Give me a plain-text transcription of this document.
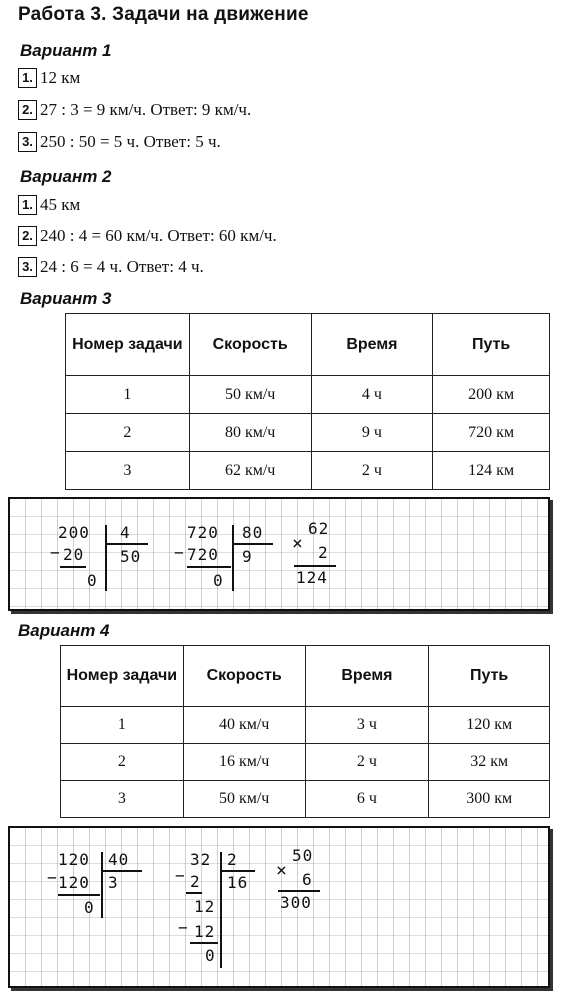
Работа 3. Задачи на движение
Вариант 1
1. 12 км
2. 27 : 3 = 9 км/ч. Ответ: 9 км/ч.
3. 250 : 50 = 5 ч. Ответ: 5 ч.
Вариант 2
1. 45 км
2. 240 : 4 = 60 км/ч. Ответ: 60 км/ч.
3. 24 : 6 = 4 ч. Ответ: 4 ч.
Вариант 3
Номер задачи	Скорость	Время	Путь
1	50 км/ч	4 ч	200 км
2	80 км/ч	9 ч	720 км
3	62 км/ч	2 ч	124 км
200 4
− 20 50
0
720 80
− 720 9
0
62
× 2
124
Вариант 4
Номер задачи	Скорость	Время	Путь
1	40 км/ч	3 ч	120 км
2	16 км/ч	2 ч	32 км
3	50 км/ч	6 ч	300 км
120 40
− 120 3
0
32 2
− 2 16
12
− 12
0
50
× 6
300
